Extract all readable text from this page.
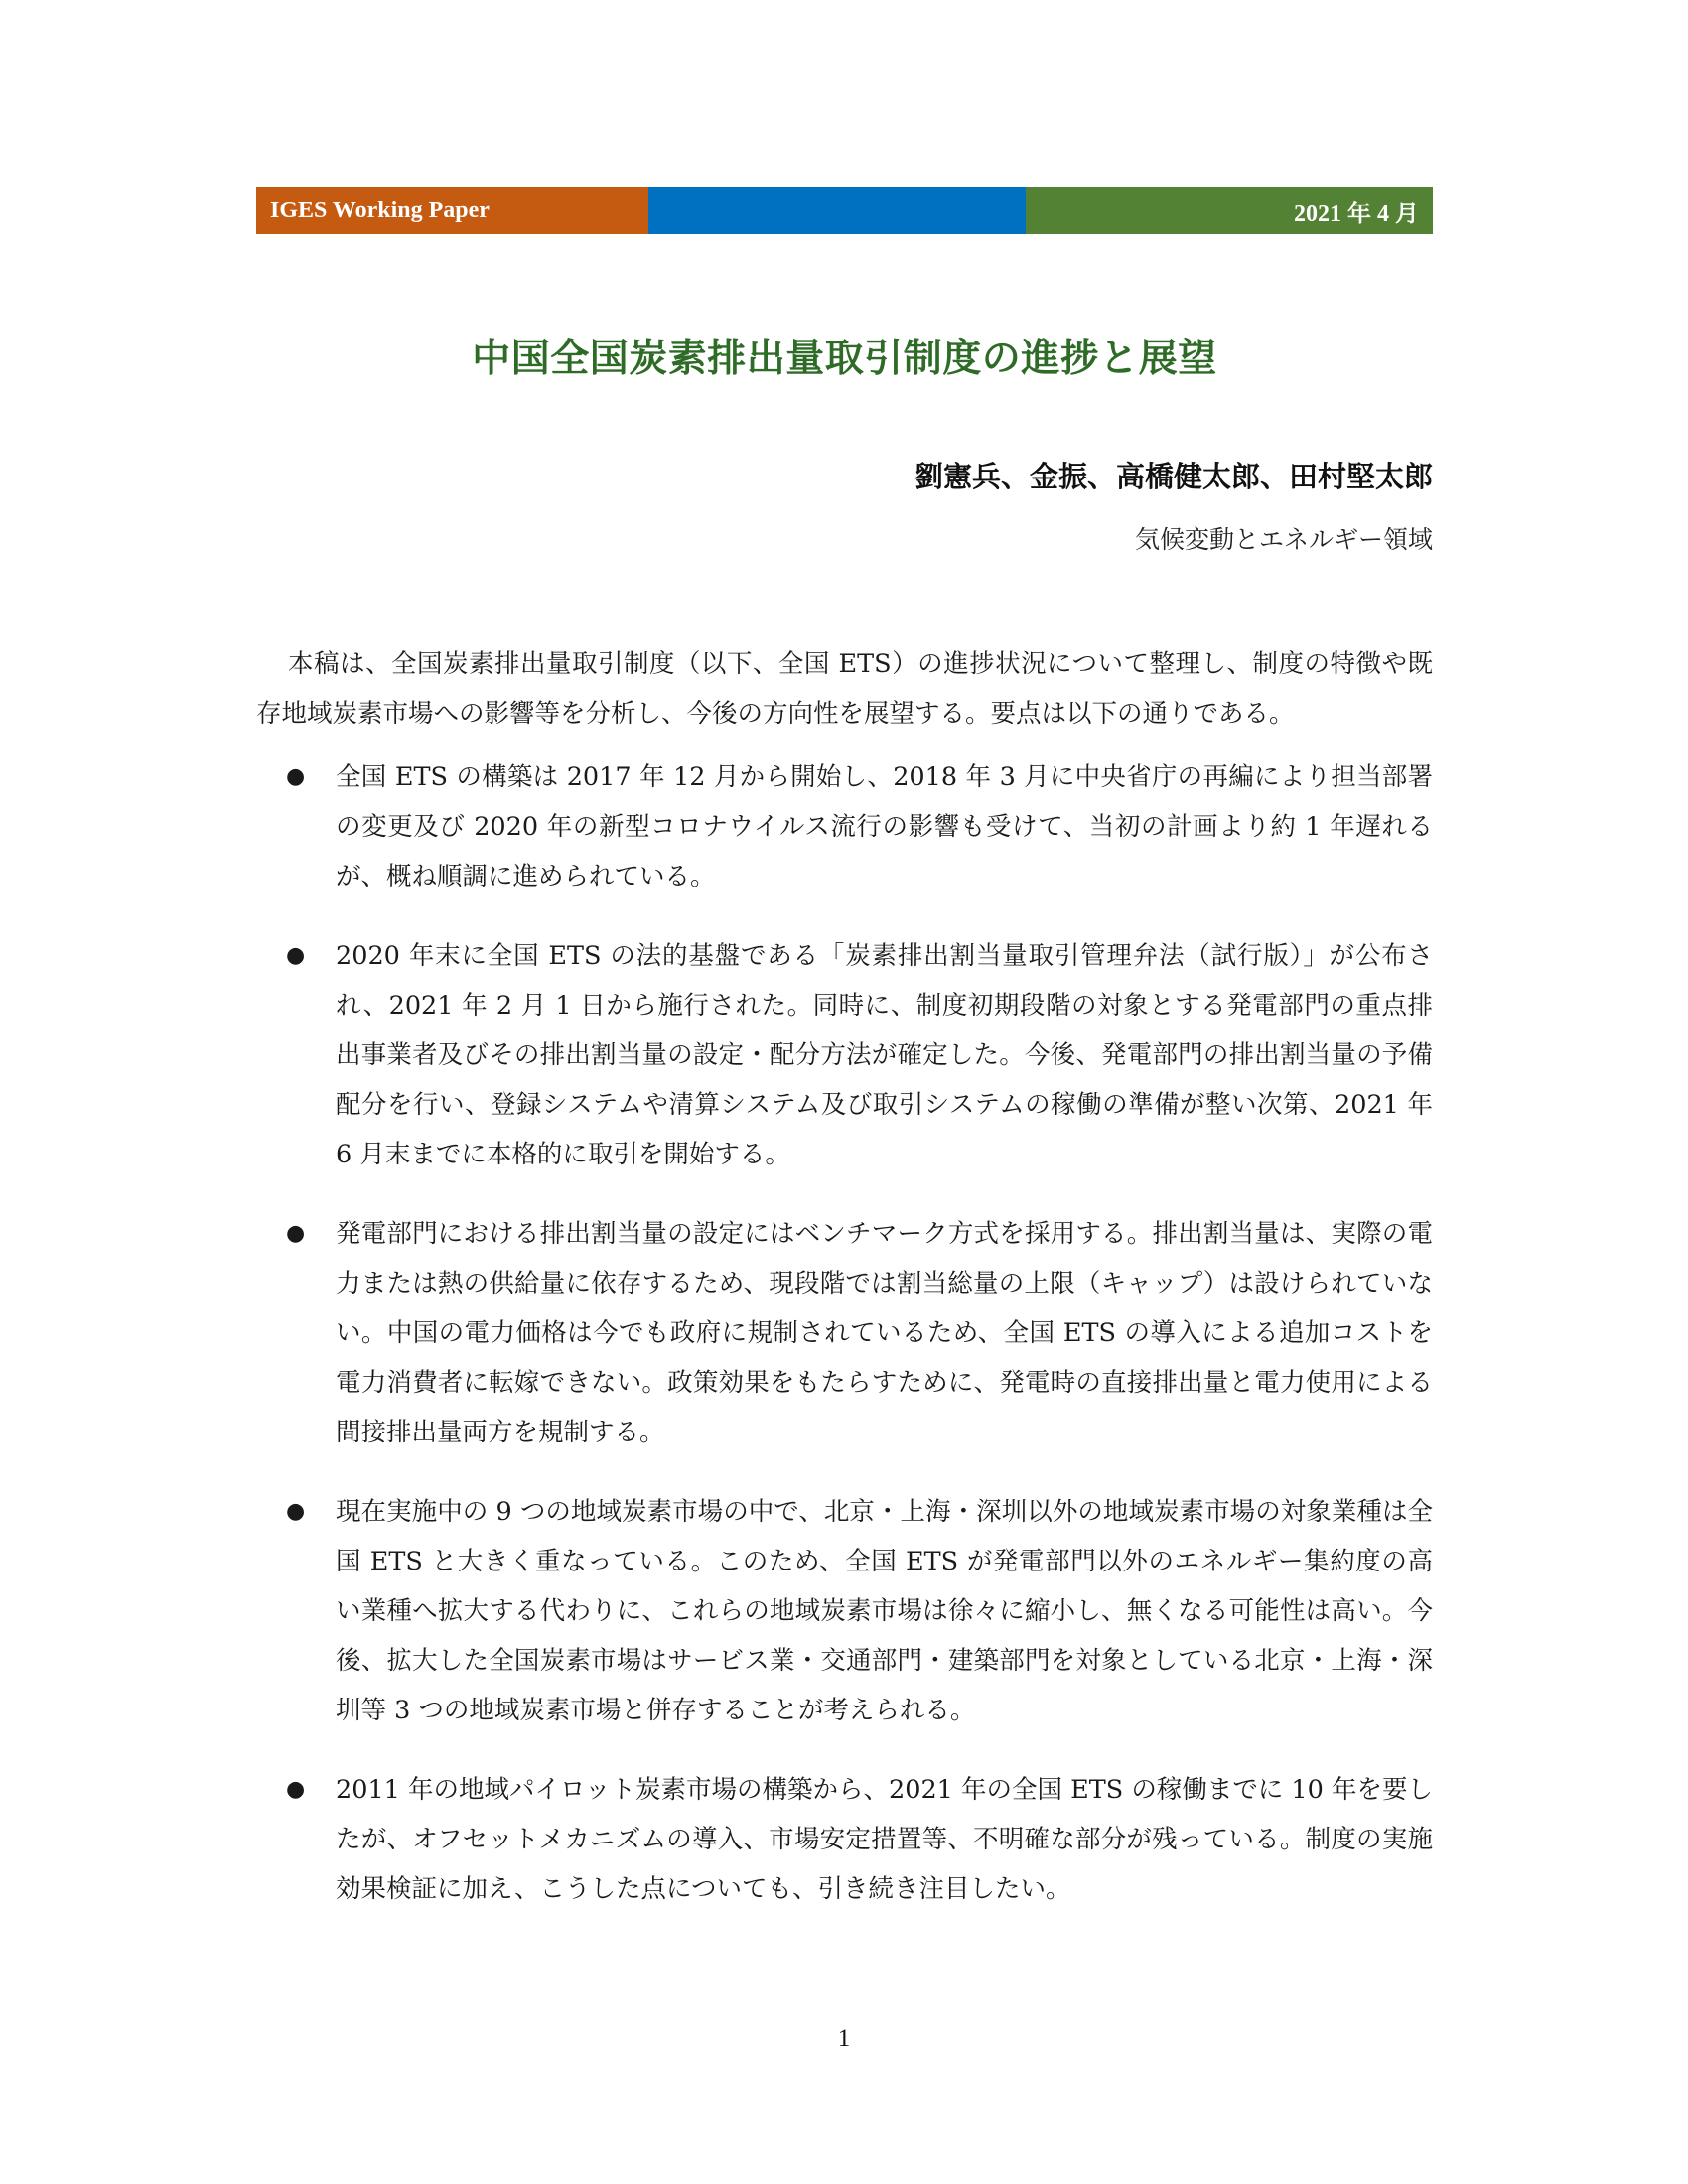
IGES Working Paper	2021 年 4 月
中国全国炭素排出量取引制度の進捗と展望
劉憲兵、金振、高橋健太郎、田村堅太郎
気候変動とエネルギー領域

本稿は、全国炭素排出量取引制度（以下、全国 ETS）の進捗状況について整理し、制度の特徴や既存地域炭素市場への影響等を分析し、今後の方向性を展望する。要点は以下の通りである。

● 全国 ETS の構築は 2017 年 12 月から開始し、2018 年 3 月に中央省庁の再編により担当部署の変更及び 2020 年の新型コロナウイルス流行の影響も受けて、当初の計画より約 1 年遅れるが、概ね順調に進められている。
● 2020 年末に全国 ETS の法的基盤である「炭素排出割当量取引管理弁法（試行版）」が公布され、2021 年 2 月 1 日から施行された。同時に、制度初期段階の対象とする発電部門の重点排出事業者及びその排出割当量の設定・配分方法が確定した。今後、発電部門の排出割当量の予備配分を行い、登録システムや清算システム及び取引システムの稼働の準備が整い次第、2021 年 6 月末までに本格的に取引を開始する。
● 発電部門における排出割当量の設定にはベンチマーク方式を採用する。排出割当量は、実際の電力または熱の供給量に依存するため、現段階では割当総量の上限（キャップ）は設けられていない。中国の電力価格は今でも政府に規制されているため、全国 ETS の導入による追加コストを電力消費者に転嫁できない。政策効果をもたらすために、発電時の直接排出量と電力使用による間接排出量両方を規制する。
● 現在実施中の 9 つの地域炭素市場の中で、北京・上海・深圳以外の地域炭素市場の対象業種は全国 ETS と大きく重なっている。このため、全国 ETS が発電部門以外のエネルギー集約度の高い業種へ拡大する代わりに、これらの地域炭素市場は徐々に縮小し、無くなる可能性は高い。今後、拡大した全国炭素市場はサービス業・交通部門・建築部門を対象としている北京・上海・深圳等 3 つの地域炭素市場と併存することが考えられる。
● 2011 年の地域パイロット炭素市場の構築から、2021 年の全国 ETS の稼働までに 10 年を要したが、オフセットメカニズムの導入、市場安定措置等、不明確な部分が残っている。制度の実施効果検証に加え、こうした点についても、引き続き注目したい。
1
